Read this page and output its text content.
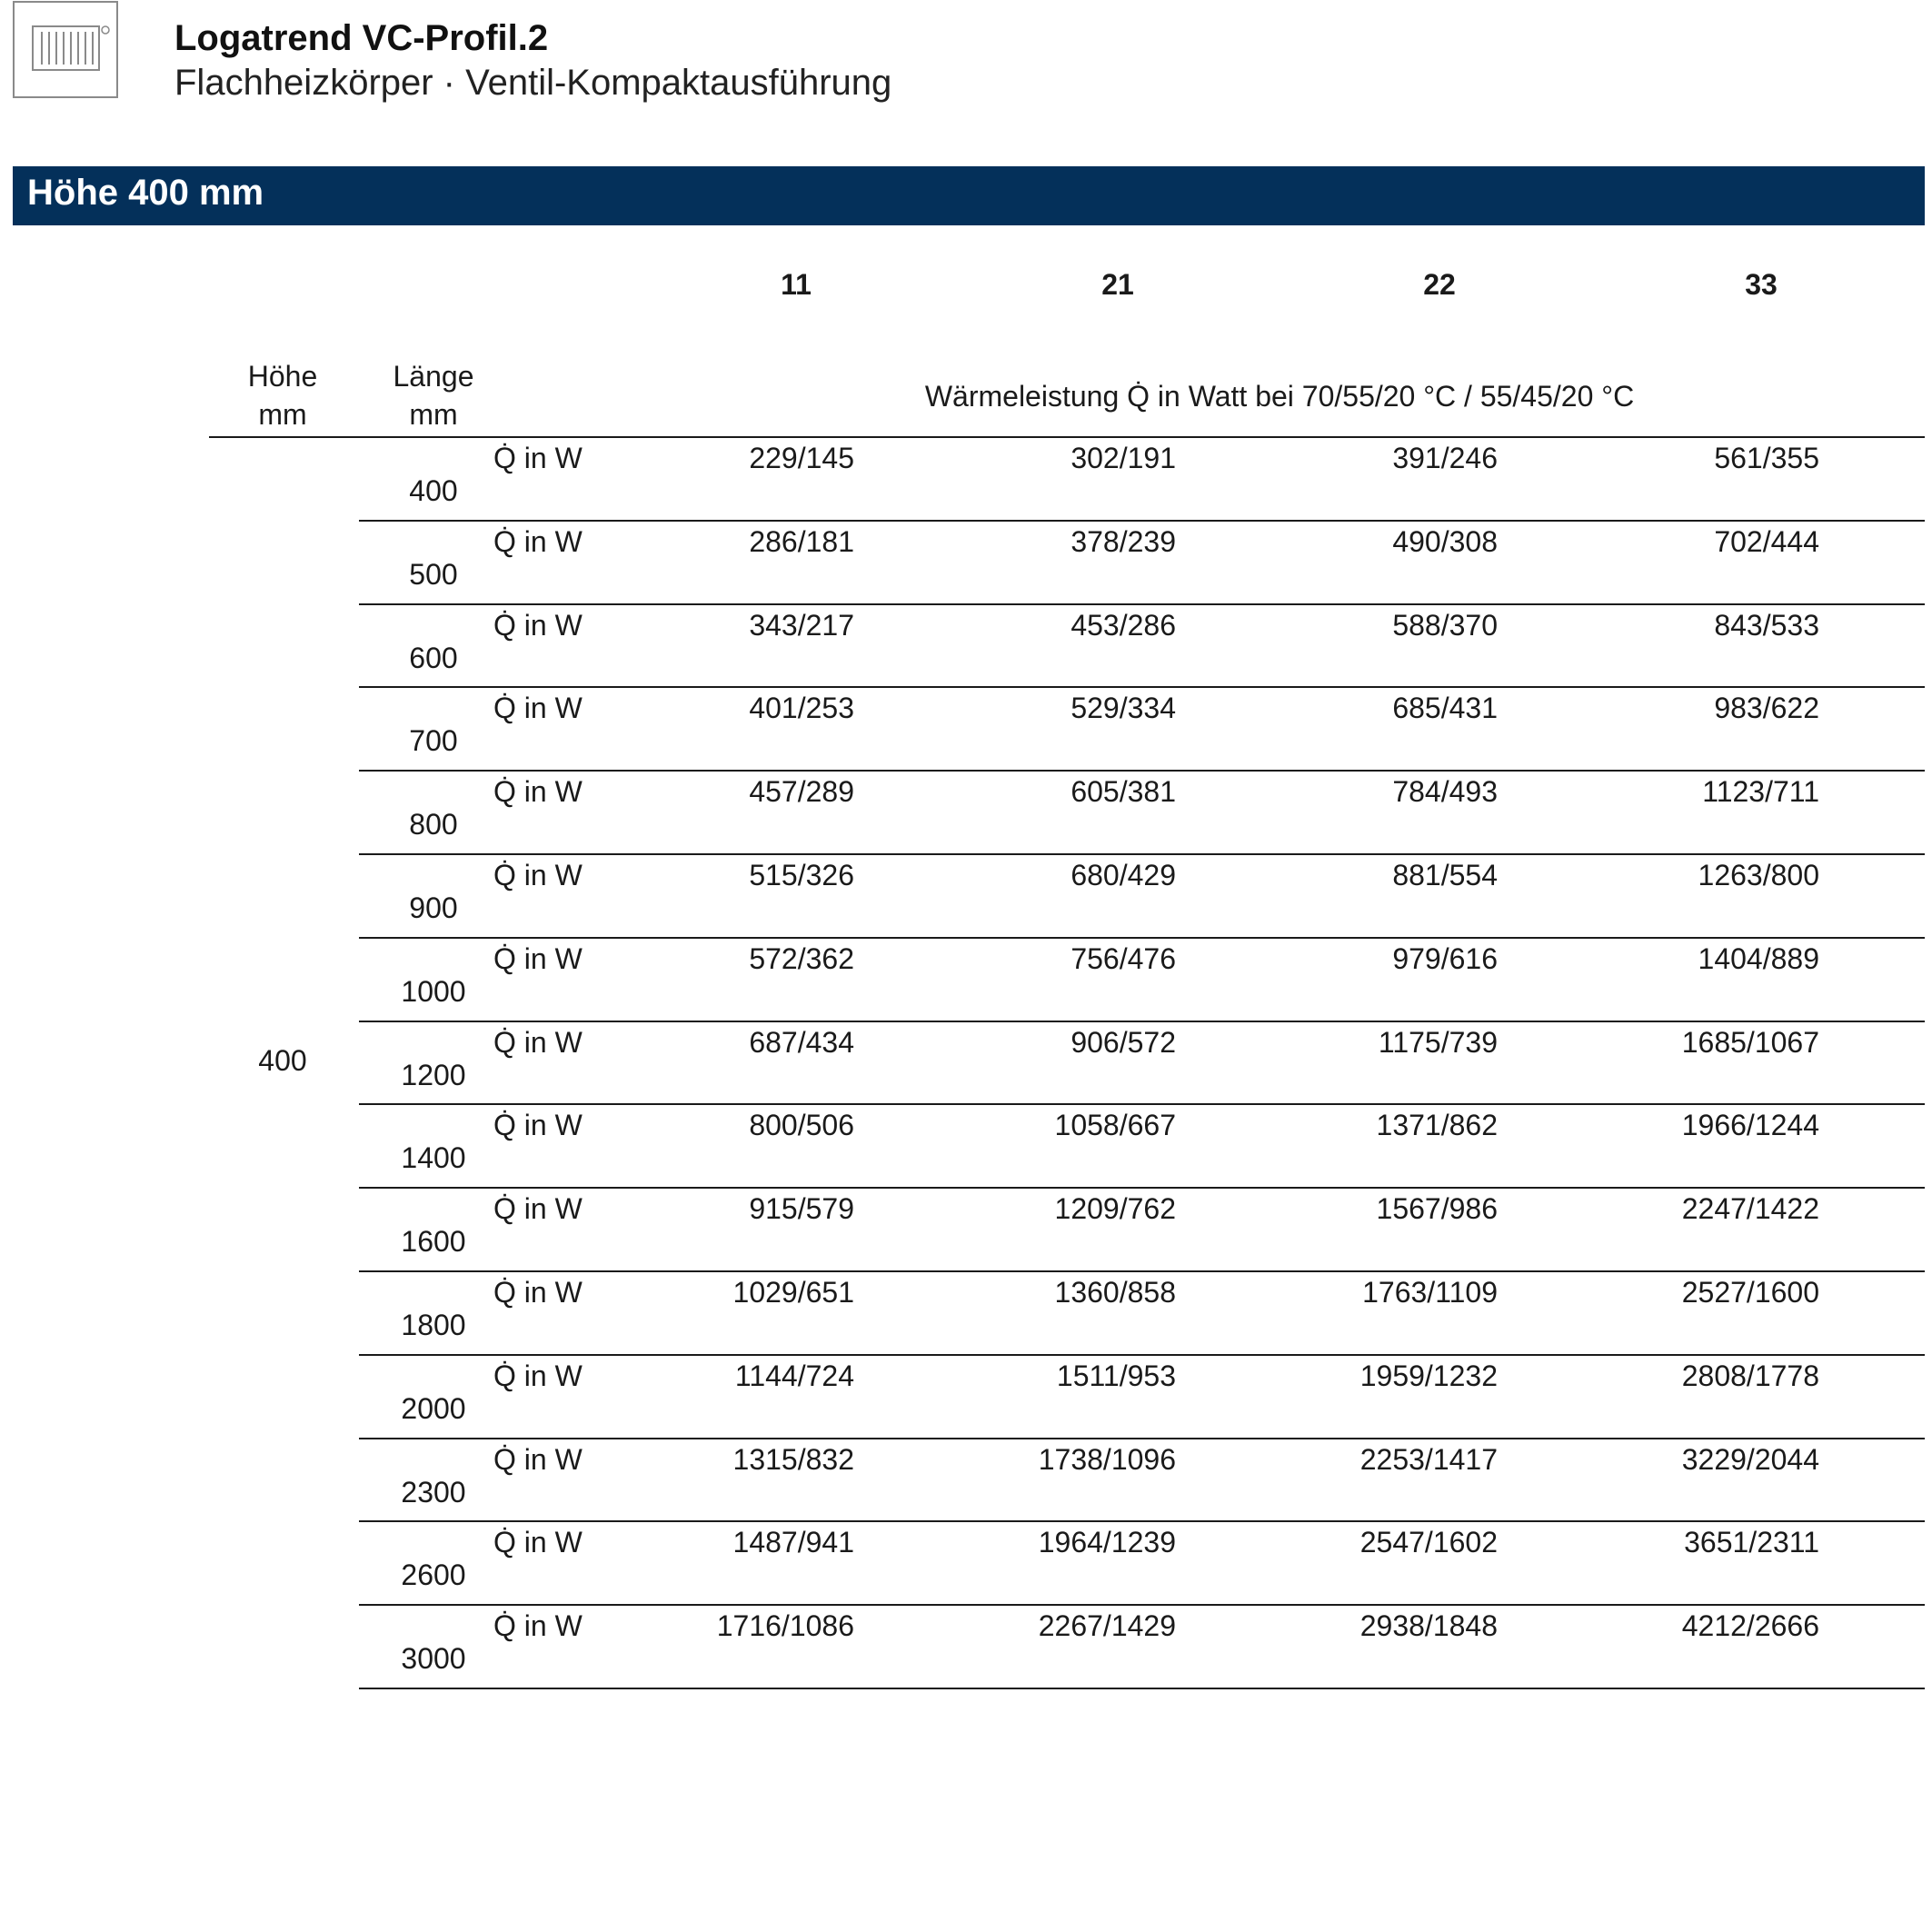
Logatrend VC-Profil.2
Flachheizkörper · Ventil-Kompaktausführung
Höhe 400 mm
11	21	22	33
Höhe
mm
Länge
mm
Wärmeleistung Q̇ in Watt bei 70/55/20 °C / 55/45/20 °C
400
Q̇ in W	229/145	302/191	391/246	561/355
500
Q̇ in W	286/181	378/239	490/308	702/444
600
Q̇ in W	343/217	453/286	588/370	843/533
700
Q̇ in W	401/253	529/334	685/431	983/622
800
Q̇ in W	457/289	605/381	784/493	1123/711
900
Q̇ in W	515/326	680/429	881/554	1263/800
1000
Q̇ in W	572/362	756/476	979/616	1404/889
1200
Q̇ in W	687/434	906/572	1175/739	1685/1067
1400
Q̇ in W	800/506	1058/667	1371/862	1966/1244
1600
Q̇ in W	915/579	1209/762	1567/986	2247/1422
1800
Q̇ in W	1029/651	1360/858	1763/1109	2527/1600
2000
Q̇ in W	1144/724	1511/953	1959/1232	2808/1778
2300
Q̇ in W	1315/832	1738/1096	2253/1417	3229/2044
2600
Q̇ in W	1487/941	1964/1239	2547/1602	3651/2311
3000
Q̇ in W	1716/1086	2267/1429	2938/1848	4212/2666
400
